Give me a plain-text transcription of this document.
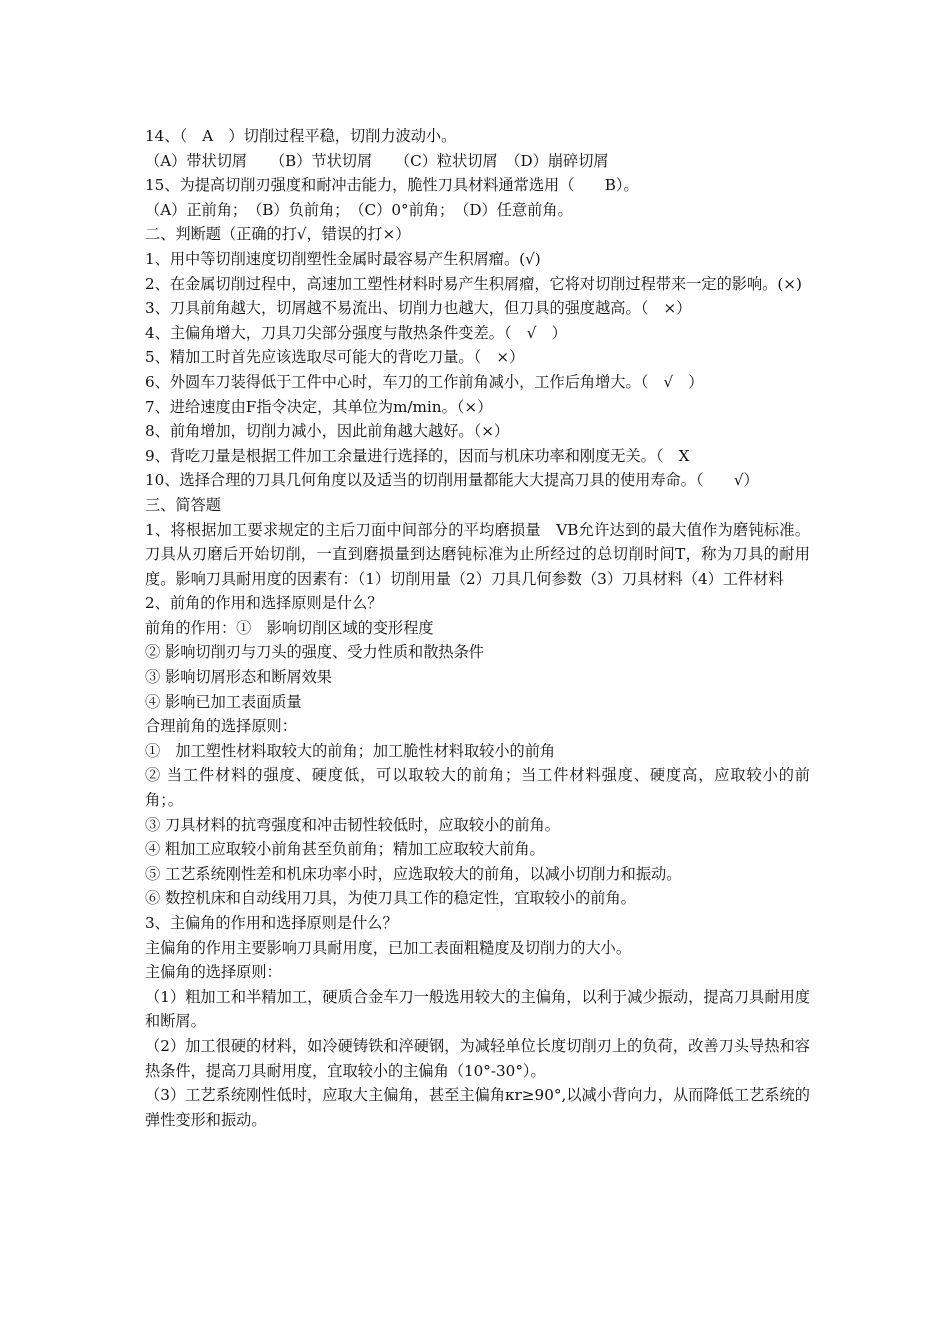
14、（　A　）切削过程平稳，切削力波动小。
（A）带状切屑　　（B）节状切屑　　（C）粒状切屑　（D）崩碎切屑
15、为提高切削刃强度和耐冲击能力，脆性刀具材料通常选用（　　B）。
（A）正前角；　（B）负前角；　（C）0°前角；　（D）任意前角。
二、判断题（正确的打√，错误的打×）
1、用中等切削速度切削塑性金属时最容易产生积屑瘤。(√)
2、在金属切削过程中，高速加工塑性材料时易产生积屑瘤，它将对切削过程带来一定的影响。(×)
3、刀具前角越大，切屑越不易流出、切削力也越大，但刀具的强度越高。（　×）
4、主偏角增大，刀具刀尖部分强度与散热条件变差。（　√　）
5、精加工时首先应该选取尽可能大的背吃刀量。（　×）
6、外圆车刀装得低于工件中心时，车刀的工作前角减小，工作后角增大。（　√　）
7、进给速度由F指令决定，其单位为m/min。（×）
8、前角增加，切削力减小，因此前角越大越好。（×）
9、背吃刀量是根据工件加工余量进行选择的，因而与机床功率和刚度无关。（　X
10、选择合理的刀具几何角度以及适当的切削用量都能大大提高刀具的使用寿命。（　　√）
三、简答题
1、将根据加工要求规定的主后刀面中间部分的平均磨损量　VB允许达到的最大值作为磨钝标准。刀具从刃磨后开始切削，一直到磨损量到达磨钝标准为止所经过的总切削时间T，称为刀具的耐用度。影响刀具耐用度的因素有：（1）切削用量（2）刀具几何参数（3）刀具材料（4）工件材料
2、前角的作用和选择原则是什么？
前角的作用：①　影响切削区域的变形程度
② 影响切削刃与刀头的强度、受力性质和散热条件
③ 影响切屑形态和断屑效果
④ 影响已加工表面质量
合理前角的选择原则：
①　加工塑性材料取较大的前角；加工脆性材料取较小的前角
② 当工件材料的强度、硬度低，可以取较大的前角；当工件材料强度、硬度高，应取较小的前角；。
③ 刀具材料的抗弯强度和冲击韧性较低时，应取较小的前角。
④ 粗加工应取较小前角甚至负前角；精加工应取较大前角。
⑤ 工艺系统刚性差和机床功率小时，应选取较大的前角，以减小切削力和振动。
⑥ 数控机床和自动线用刀具，为使刀具工作的稳定性，宜取较小的前角。
3、主偏角的作用和选择原则是什么？
主偏角的作用主要影响刀具耐用度，已加工表面粗糙度及切削力的大小。
主偏角的选择原则：
（1）粗加工和半精加工，硬质合金车刀一般选用较大的主偏角，以利于减少振动，提高刀具耐用度和断屑。
（2）加工很硬的材料，如冷硬铸铁和淬硬钢，为减轻单位长度切削刃上的负荷，改善刀头导热和容热条件，提高刀具耐用度，宜取较小的主偏角（10°-30°）。
（3）工艺系统刚性低时，应取大主偏角，甚至主偏角κr≥90°,以减小背向力，从而降低工艺系统的弹性变形和振动。
